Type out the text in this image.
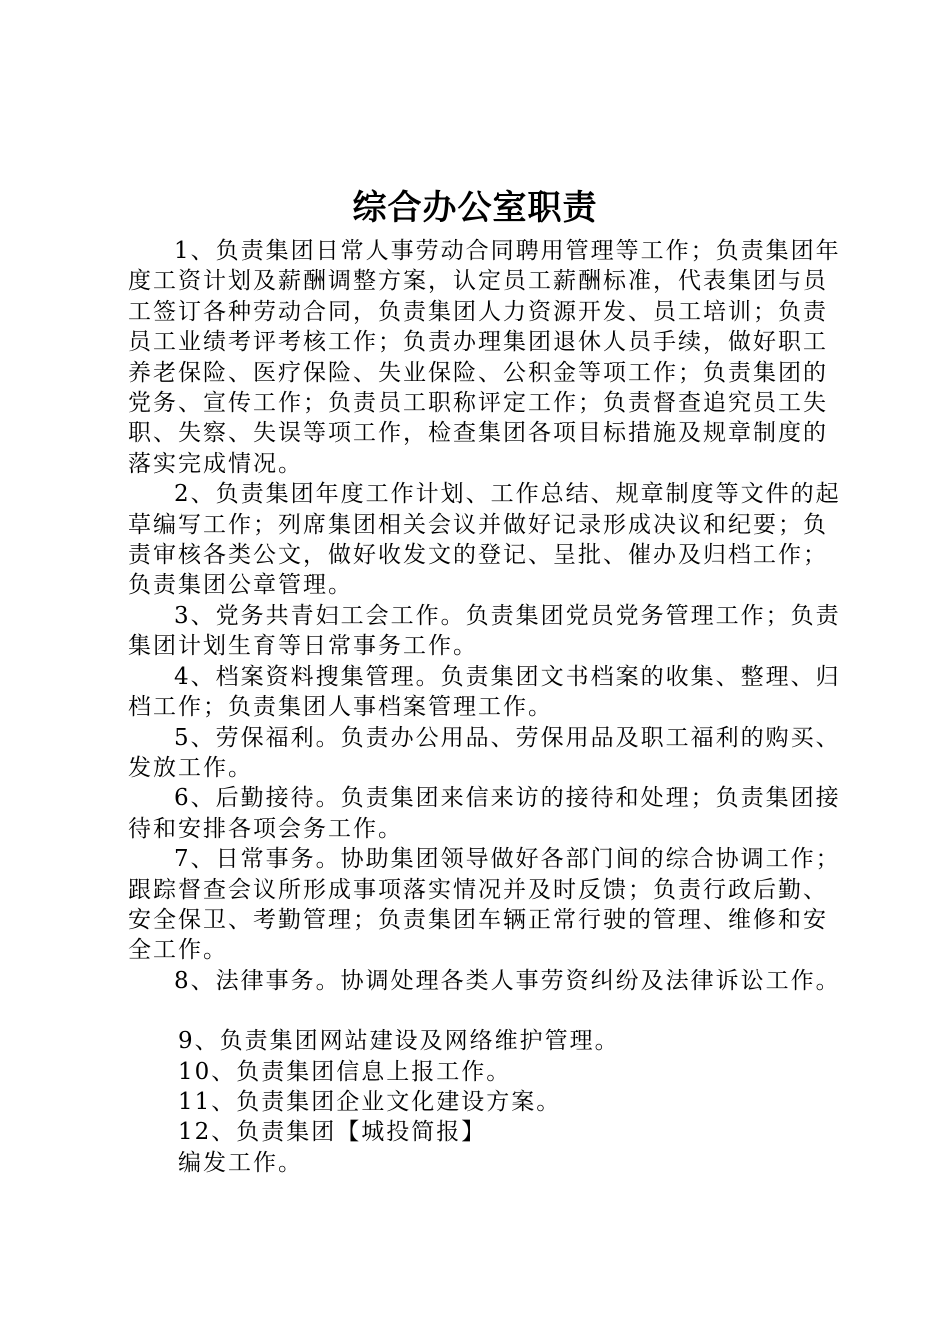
综合办公室职责

1、负责集团日常人事劳动合同聘用管理等工作；负责集团年度工资计划及薪酬调整方案，认定员工薪酬标准，代表集团与员工签订各种劳动合同，负责集团人力资源开发、员工培训；负责员工业绩考评考核工作；负责办理集团退休人员手续，做好职工养老保险、医疗保险、失业保险、公积金等项工作；负责集团的党务、宣传工作；负责员工职称评定工作；负责督查追究员工失职、失察、失误等项工作，检查集团各项目标措施及规章制度的落实完成情况。

2、负责集团年度工作计划、工作总结、规章制度等文件的起草编写工作；列席集团相关会议并做好记录形成决议和纪要；负责审核各类公文，做好收发文的登记、呈批、催办及归档工作；负责集团公章管理。

3、党务共青妇工会工作。负责集团党员党务管理工作；负责集团计划生育等日常事务工作。

4、档案资料搜集管理。负责集团文书档案的收集、整理、归档工作；负责集团人事档案管理工作。

5、劳保福利。负责办公用品、劳保用品及职工福利的购买、发放工作。

6、后勤接待。负责集团来信来访的接待和处理；负责集团接待和安排各项会务工作。

7、日常事务。协助集团领导做好各部门间的综合协调工作；跟踪督查会议所形成事项落实情况并及时反馈；负责行政后勤、安全保卫、考勤管理；负责集团车辆正常行驶的管理、维修和安全工作。

8、法律事务。协调处理各类人事劳资纠纷及法律诉讼工作。

9、负责集团网站建设及网络维护管理。

10、负责集团信息上报工作。

11、负责集团企业文化建设方案。

12、负责集团【城投简报】

编发工作。
